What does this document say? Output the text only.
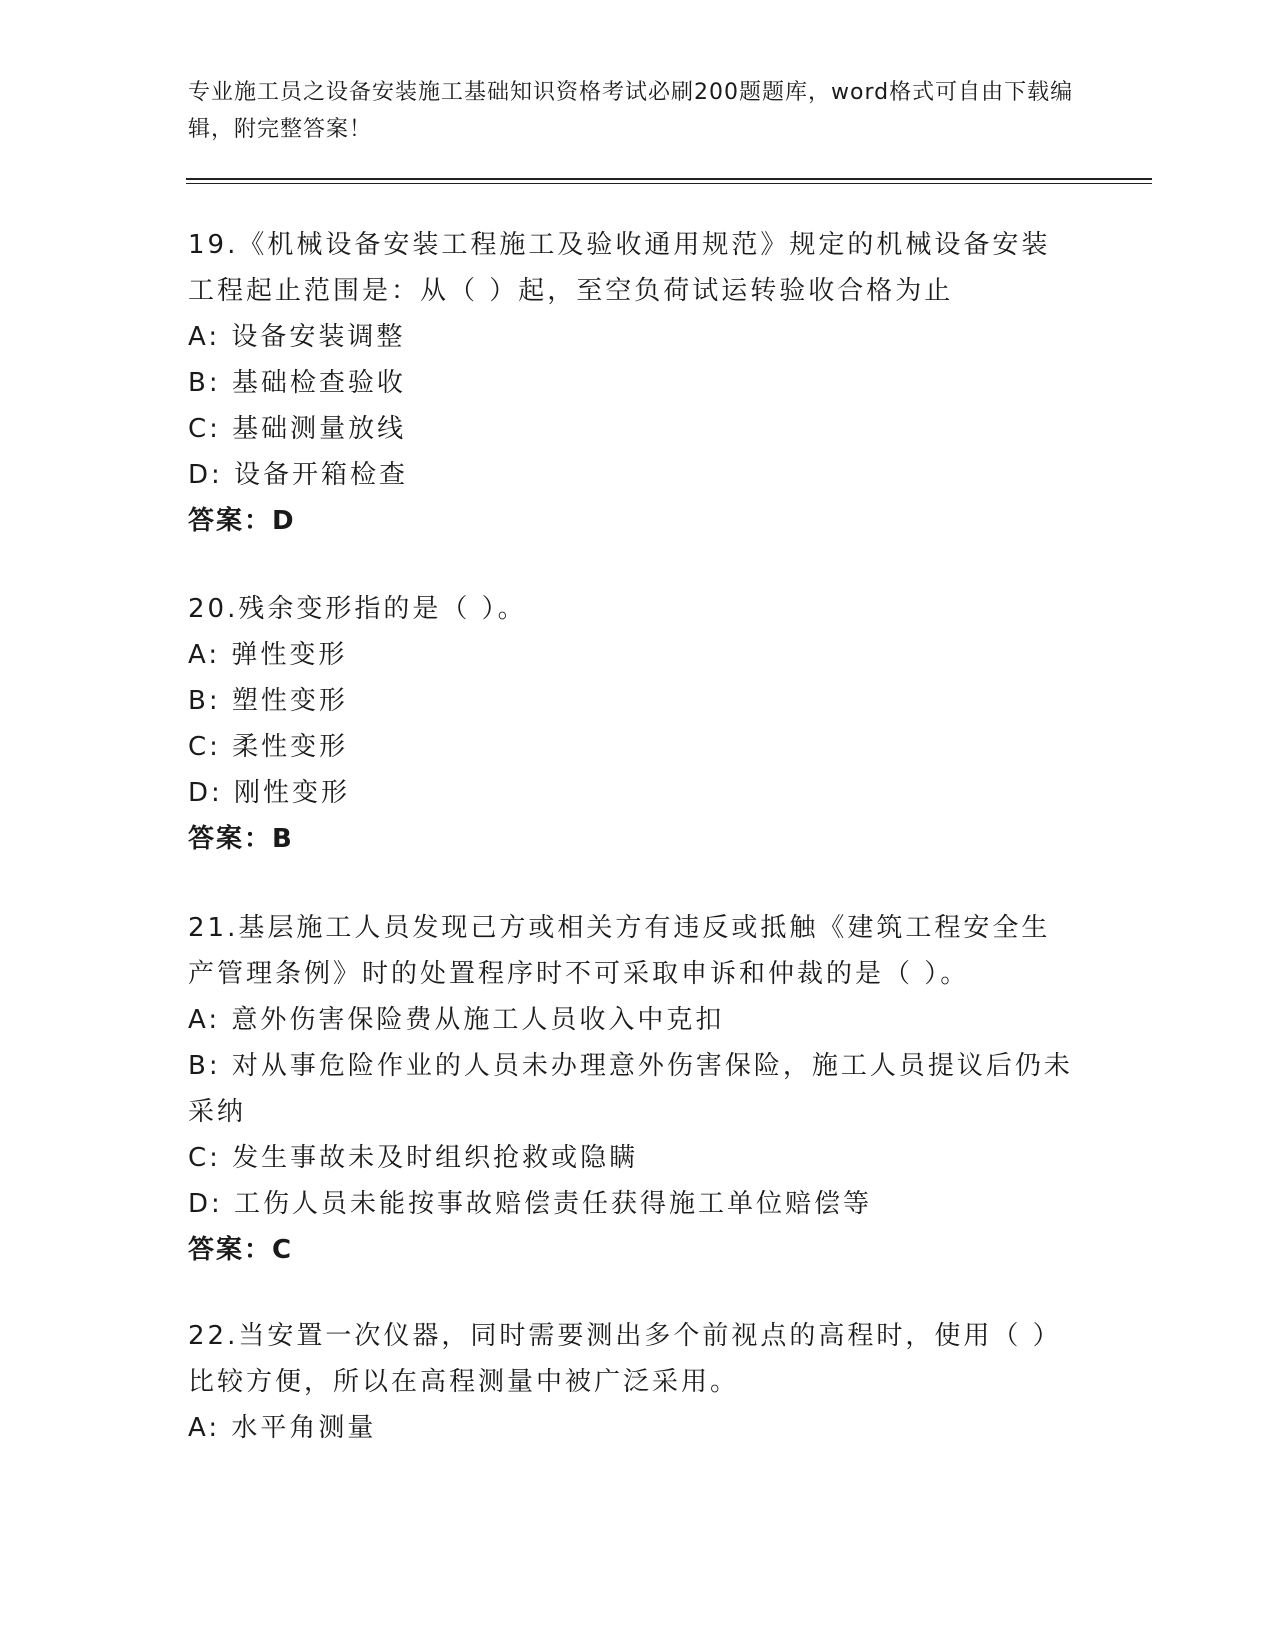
专业施工员之设备安装施工基础知识资格考试必刷200题题库，word格式可自由下载编辑，附完整答案！
19.《机械设备安装工程施工及验收通用规范》规定的机械设备安装工程起止范围是：从（ ）起，至空负荷试运转验收合格为止
A: 设备安装调整
B: 基础检查验收
C: 基础测量放线
D: 设备开箱检查
答案：D
20.残余变形指的是（ ）。
A: 弹性变形
B: 塑性变形
C: 柔性变形
D: 刚性变形
答案：B
21.基层施工人员发现己方或相关方有违反或抵触《建筑工程安全生产管理条例》时的处置程序时不可采取申诉和仲裁的是（ ）。
A: 意外伤害保险费从施工人员收入中克扣
B: 对从事危险作业的人员未办理意外伤害保险，施工人员提议后仍未采纳
C: 发生事故未及时组织抢救或隐瞒
D: 工伤人员未能按事故赔偿责任获得施工单位赔偿等
答案：C
22.当安置一次仪器，同时需要测出多个前视点的高程时，使用（ ）比较方便，所以在高程测量中被广泛采用。
A: 水平角测量
